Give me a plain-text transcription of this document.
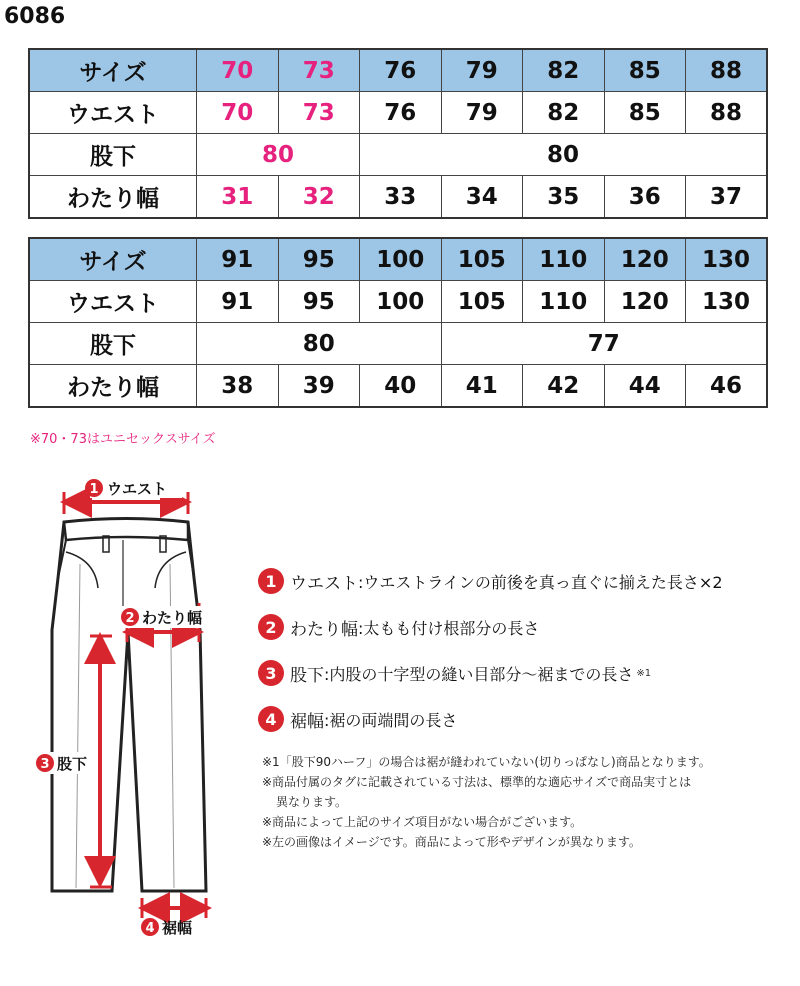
6086
サイズ	70	73	76	79	82	85	88
ウエスト	70	73	76	79	82	85	88
股下	80		80				
わたり幅	31	32	33	34	35	36	37
サイズ	91	95	100	105	110	120	130
ウエスト	91	95	100	105	110	120	130
股下	80			77			
わたり幅	38	39	40	41	42	44	46
※70・73はユニセックスサイズ
1 ウエスト
2 わたり幅
3 股下
4 裾幅
1 ウエスト :ウエストラインの前後を真っ直ぐに揃えた長さ×2
2 わたり幅 :太もも付け根部分の長さ
3 股下 :内股の十字型の縫い目部分〜裾までの長さ ※1
4 裾幅 :裾の両端間の長さ
※1「股下90ハーフ」の場合は裾が縫われていない(切りっぱなし)商品となります。
※商品付属のタグに記載されている寸法は、標準的な適応サイズで商品実寸とは
異なります。
※商品によって上記のサイズ項目がない場合がございます。
※左の画像はイメージです。商品によって形やデザインが異なります。
